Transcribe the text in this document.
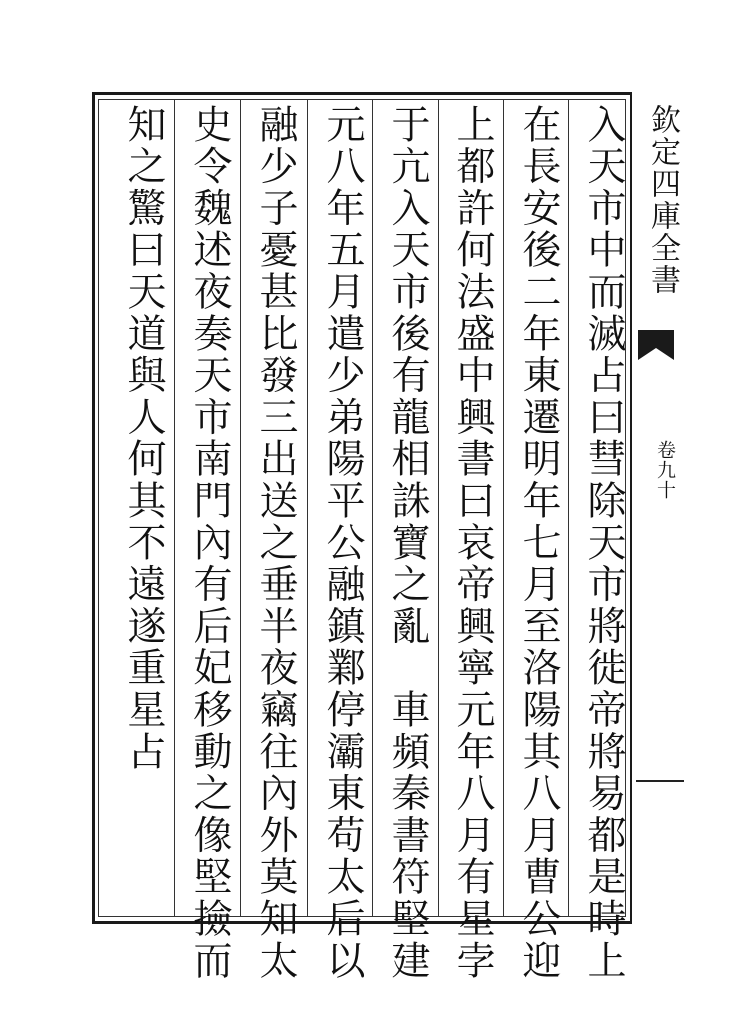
入天市中而滅占曰彗除天市將徙帝將易都是時上
在長安後二年東遷明年七月至洛陽其八月曹公迎
上都許何法盛中興書曰哀帝興寧元年八月有星孛
于亢入天市後有龍相誅寶之亂　車頻秦書符堅建
元八年五月遣少弟陽平公融鎮鄴停灞東苟太后以
融少子憂甚比發三出送之垂半夜竊往內外莫知太
史令魏述夜奏天市南門內有后妃移動之像堅撿而
知之驚曰天道與人何其不遠遂重星占	欽定四庫全書
卷九十
